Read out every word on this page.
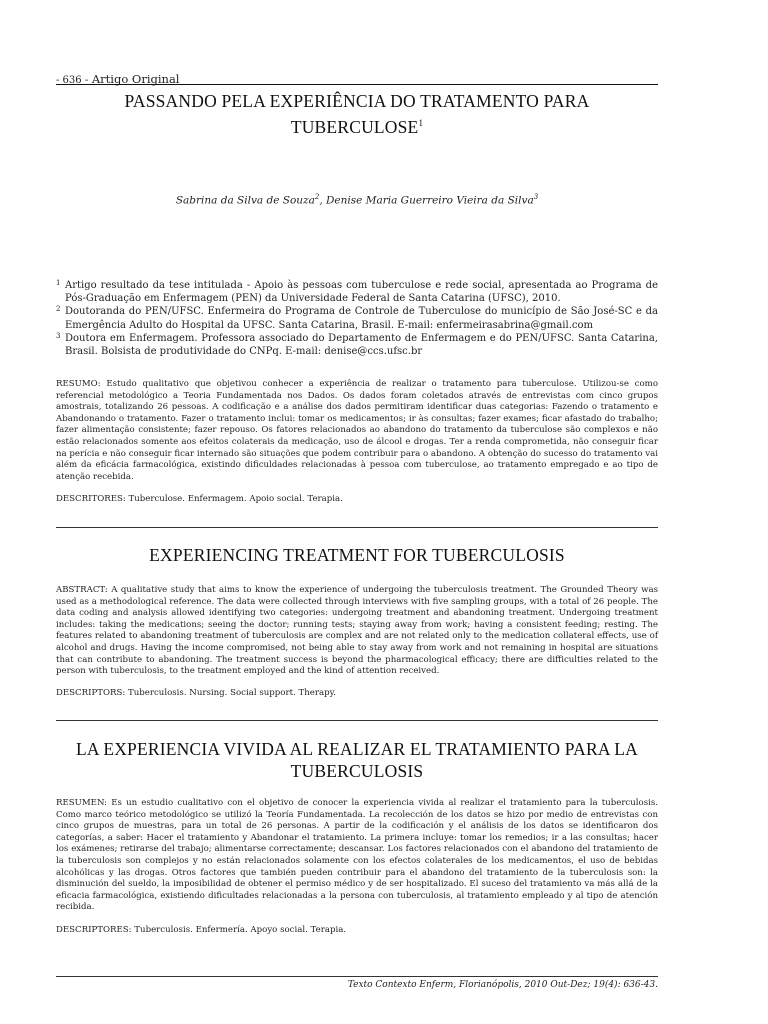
- 636 - Artigo Original
PASSANDO PELA EXPERIÊNCIA DO TRATAMENTO PARA
TUBERCULOSE$^1$
Sabrina da Silva de Souza$^2$, Denise Maria Guerreiro Vieira da Silva$^3$
1 Artigo resultado da tese intitulada - Apoio às pessoas com tuberculose e rede social, apresentada ao Programa de Pós-Graduação em Enfermagem (PEN) da Universidade Federal de Santa Catarina (UFSC), 2010.
2 Doutoranda do PEN/UFSC. Enfermeira do Programa de Controle de Tuberculose do município de São José-SC e da Emergência Adulto do Hospital da UFSC. Santa Catarina, Brasil. E-mail: enfermeirasabrina@gmail.com
3 Doutora em Enfermagem. Professora associado do Departamento de Enfermagem e do PEN/UFSC. Santa Catarina, Brasil. Bolsista de produtividade do CNPq. E-mail: denise@ccs.ufsc.br
RESUMO: Estudo qualitativo que objetivou conhecer a experiência de realizar o tratamento para tuberculose. Utilizou-se como referencial metodológico a Teoria Fundamentada nos Dados. Os dados foram coletados através de entrevistas com cinco grupos amostrais, totalizando 26 pessoas. A codificação e a análise dos dados permitiram identificar duas categorias: Fazendo o tratamento e Abandonando o tratamento. Fazer o tratamento inclui: tomar os medicamentos; ir às consultas; fazer exames; ficar afastado do trabalho; fazer alimentação consistente; fazer repouso. Os fatores relacionados ao abandono do tratamento da tuberculose são complexos e não estão relacionados somente aos efeitos colaterais da medicação, uso de álcool e drogas. Ter a renda comprometida, não conseguir ficar na perícia e não conseguir ficar internado são situações que podem contribuir para o abandono. A obtenção do sucesso do tratamento vai além da eficácia farmacológica, existindo dificuldades relacionadas à pessoa com tuberculose, ao tratamento empregado e ao tipo de atenção recebida.
DESCRITORES: Tuberculose. Enfermagem. Apoio social. Terapia.
EXPERIENCING TREATMENT FOR TUBERCULOSIS
ABSTRACT: A qualitative study that aims to know the experience of undergoing the tuberculosis treatment. The Grounded Theory was used as a methodological reference. The data were collected through interviews with five sampling groups, with a total of 26 people. The data coding and analysis allowed identifying two categories: undergoing treatment and abandoning treatment. Undergoing treatment includes: taking the medications; seeing the doctor; running tests; staying away from work; having a consistent feeding; resting. The features related to abandoning treatment of tuberculosis are complex and are not related only to the medication collateral effects, use of alcohol and drugs. Having the income compromised, not being able to stay away from work and not remaining in hospital are situations that can contribute to abandoning. The treatment success is beyond the pharmacological efficacy; there are difficulties related to the person with tuberculosis, to the treatment employed and the kind of attention received.
DESCRIPTORS: Tuberculosis. Nursing. Social support. Therapy.
LA EXPERIENCIA VIVIDA AL REALIZAR EL TRATAMIENTO PARA LA
TUBERCULOSIS
RESUMEN: Es un estudio cualitativo con el objetivo de conocer la experiencia vivida al realizar el tratamiento para la tuberculosis. Como marco teórico metodológico se utilizó la Teoría Fundamentada. La recolección de los datos se hizo por medio de entrevistas con cinco grupos de muestras, para un total de 26 personas. A partir de la codificación y el análisis de los datos se identificaron dos categorías, a saber: Hacer el tratamiento y Abandonar el tratamiento. La primera incluye: tomar los remedios; ir a las consultas; hacer los exámenes; retirarse del trabajo; alimentarse correctamente; descansar. Los factores relacionados con el abandono del tratamiento de la tuberculosis son complejos y no están relacionados solamente con los efectos colaterales de los medicamentos, el uso de bebidas alcohólicas y las drogas. Otros factores que también pueden contribuir para el abandono del tratamiento de la tuberculosis son: la disminución del sueldo, la imposibilidad de obtener el permiso médico y de ser hospitalizado. El suceso del tratamiento va más allá de la eficacia farmacológica, existiendo dificultades relacionadas a la persona con tuberculosis, al tratamiento empleado y al tipo de atención recibida.
DESCRIPTORES: Tuberculosis. Enfermería. Apoyo social. Terapia.
Texto Contexto Enferm, Florianópolis, 2010 Out-Dez; 19(4): 636-43.
